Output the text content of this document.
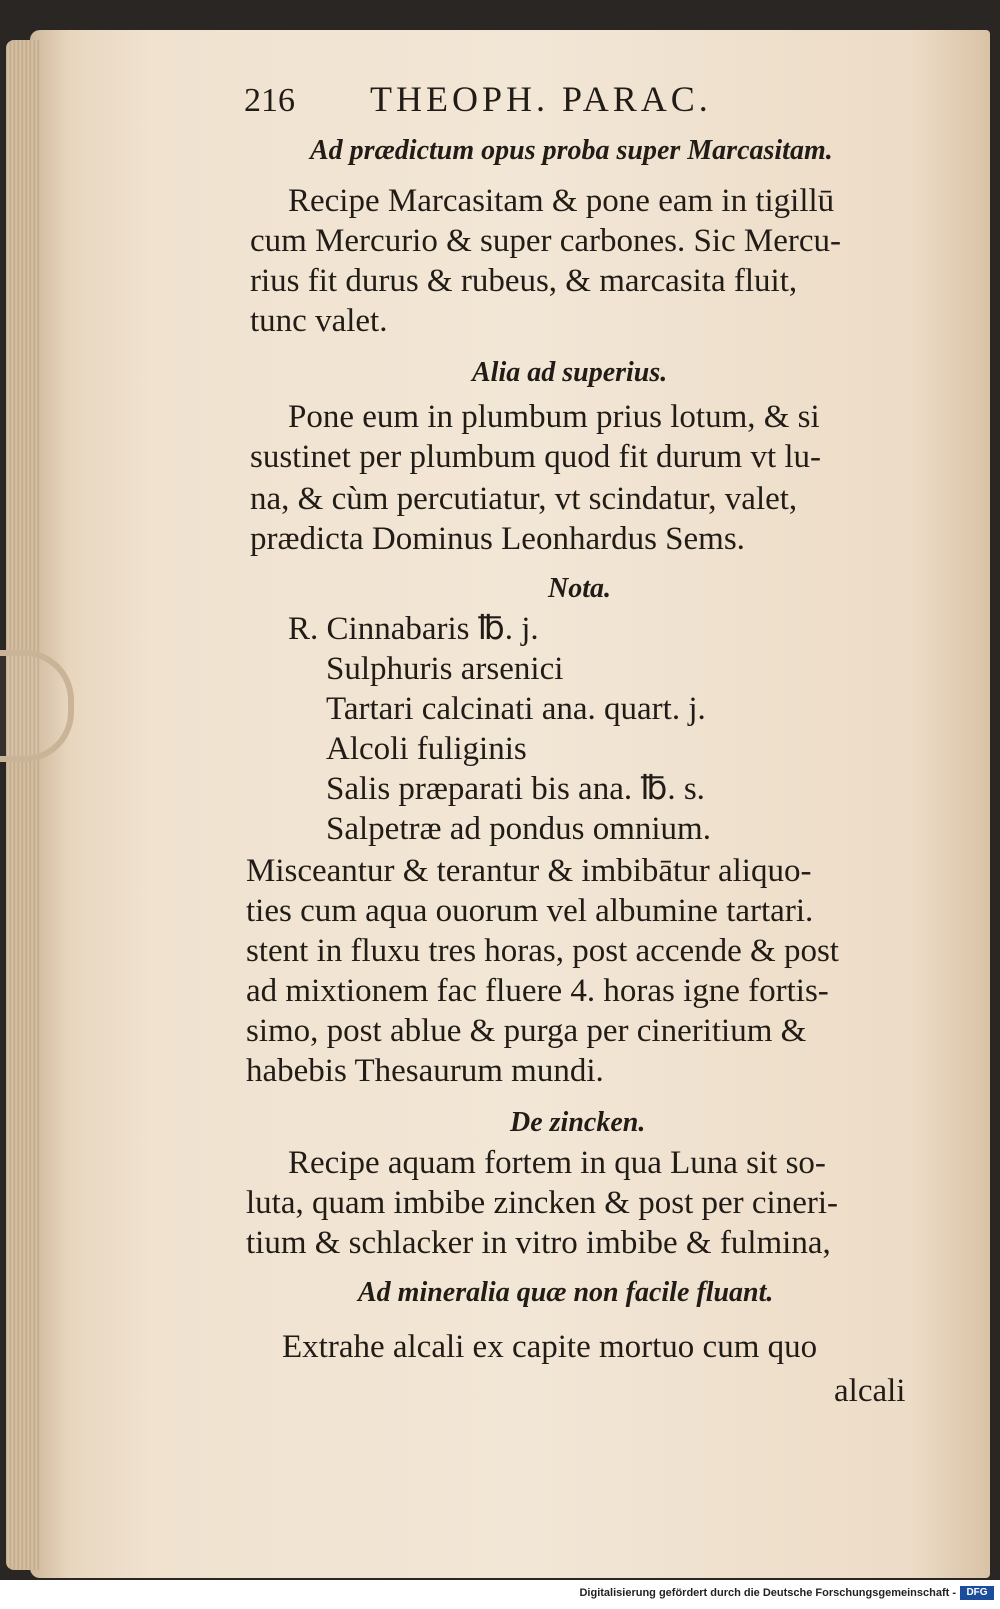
216 THEOPH. PARAC.
Ad prædictum opus proba super Marcasitam.
Recipe Marcasitam & pone eam in tigillū
cum Mercurio & super carbones. Sic Mercu-
rius fit durus & rubeus, & marcasita fluit,
tunc valet.
Alia ad superius.
Pone eum in plumbum prius lotum, & si
sustinet per plumbum quod fit durum vt lu-
na, & cùm percutiatur, vt scindatur, valet,
prædicta Dominus Leonhardus Sems.
Nota.
R. Cinnabaris ℔. j.
Sulphuris arsenici
Tartari calcinati ana. quart. j.
Alcoli fuliginis
Salis præparati bis ana. ℔. s.
Salpetræ ad pondus omnium.
Misceantur & terantur & imbibātur aliquo-
ties cum aqua ouorum vel albumine tartari.
stent in fluxu tres horas, post accende & post
ad mixtionem fac fluere 4. horas igne fortis-
simo, post ablue & purga per cineritium &
habebis Thesaurum mundi.
De zincken.
Recipe aquam fortem in qua Luna sit so-
luta, quam imbibe zincken & post per cineri-
tium & schlacker in vitro imbibe & fulmina,
Ad mineralia quæ non facile fluant.
Extrahe alcali ex capite mortuo cum quo
alcali
Digitalisierung gefördert durch die Deutsche Forschungsgemeinschaft -	DFG
